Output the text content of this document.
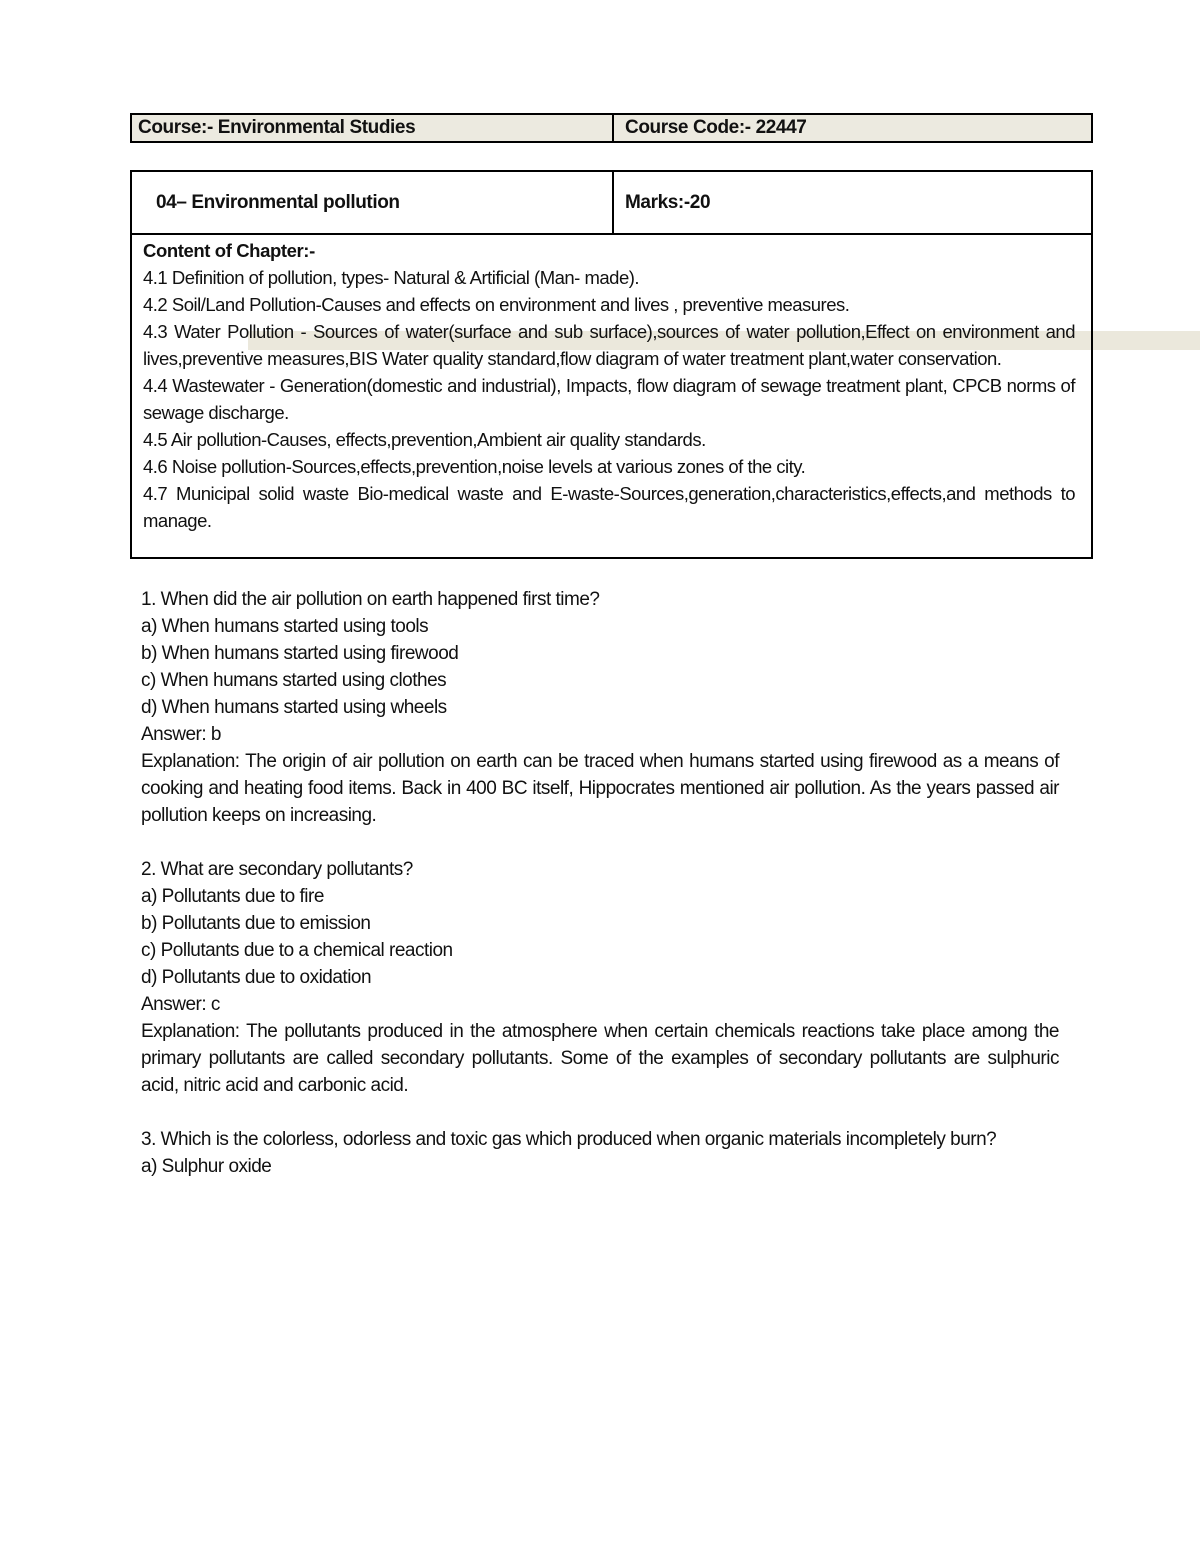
Course:- Environmental Studies	Course Code:- 22447
04– Environmental pollution	Marks:-20
Content of Chapter:-
4.1 Definition of pollution, types- Natural & Artificial (Man- made).
4.2 Soil/Land Pollution-Causes and effects on environment and lives , preventive measures.
4.3 Water Pollution - Sources of water(surface and sub surface),sources of water pollution,Effect on environment and lives,preventive measures,BIS Water quality standard,flow diagram of water treatment plant,water conservation.
4.4 Wastewater - Generation(domestic and industrial), Impacts, flow diagram of sewage treatment plant, CPCB norms of sewage discharge.
4.5 Air pollution-Causes, effects,prevention,Ambient air quality standards.
4.6 Noise pollution-Sources,effects,prevention,noise levels at various zones of the city.
4.7 Municipal solid waste Bio-medical waste and E-waste-Sources,generation,characteristics,effects,and methods to manage.
1. When did the air pollution on earth happened first time?
a) When humans started using tools
b) When humans started using firewood
c) When humans started using clothes
d) When humans started using wheels
Answer: b
Explanation: The origin of air pollution on earth can be traced when humans started using firewood as a means of cooking and heating food items. Back in 400 BC itself, Hippocrates mentioned air pollution. As the years passed air pollution keeps on increasing.
2. What are secondary pollutants?
a) Pollutants due to fire
b) Pollutants due to emission
c) Pollutants due to a chemical reaction
d) Pollutants due to oxidation
Answer: c
Explanation: The pollutants produced in the atmosphere when certain chemicals reactions take place among the primary pollutants are called secondary pollutants. Some of the examples of secondary pollutants are sulphuric acid, nitric acid and carbonic acid.
3. Which is the colorless, odorless and toxic gas which produced when organic materials incompletely burn?
a) Sulphur oxide
